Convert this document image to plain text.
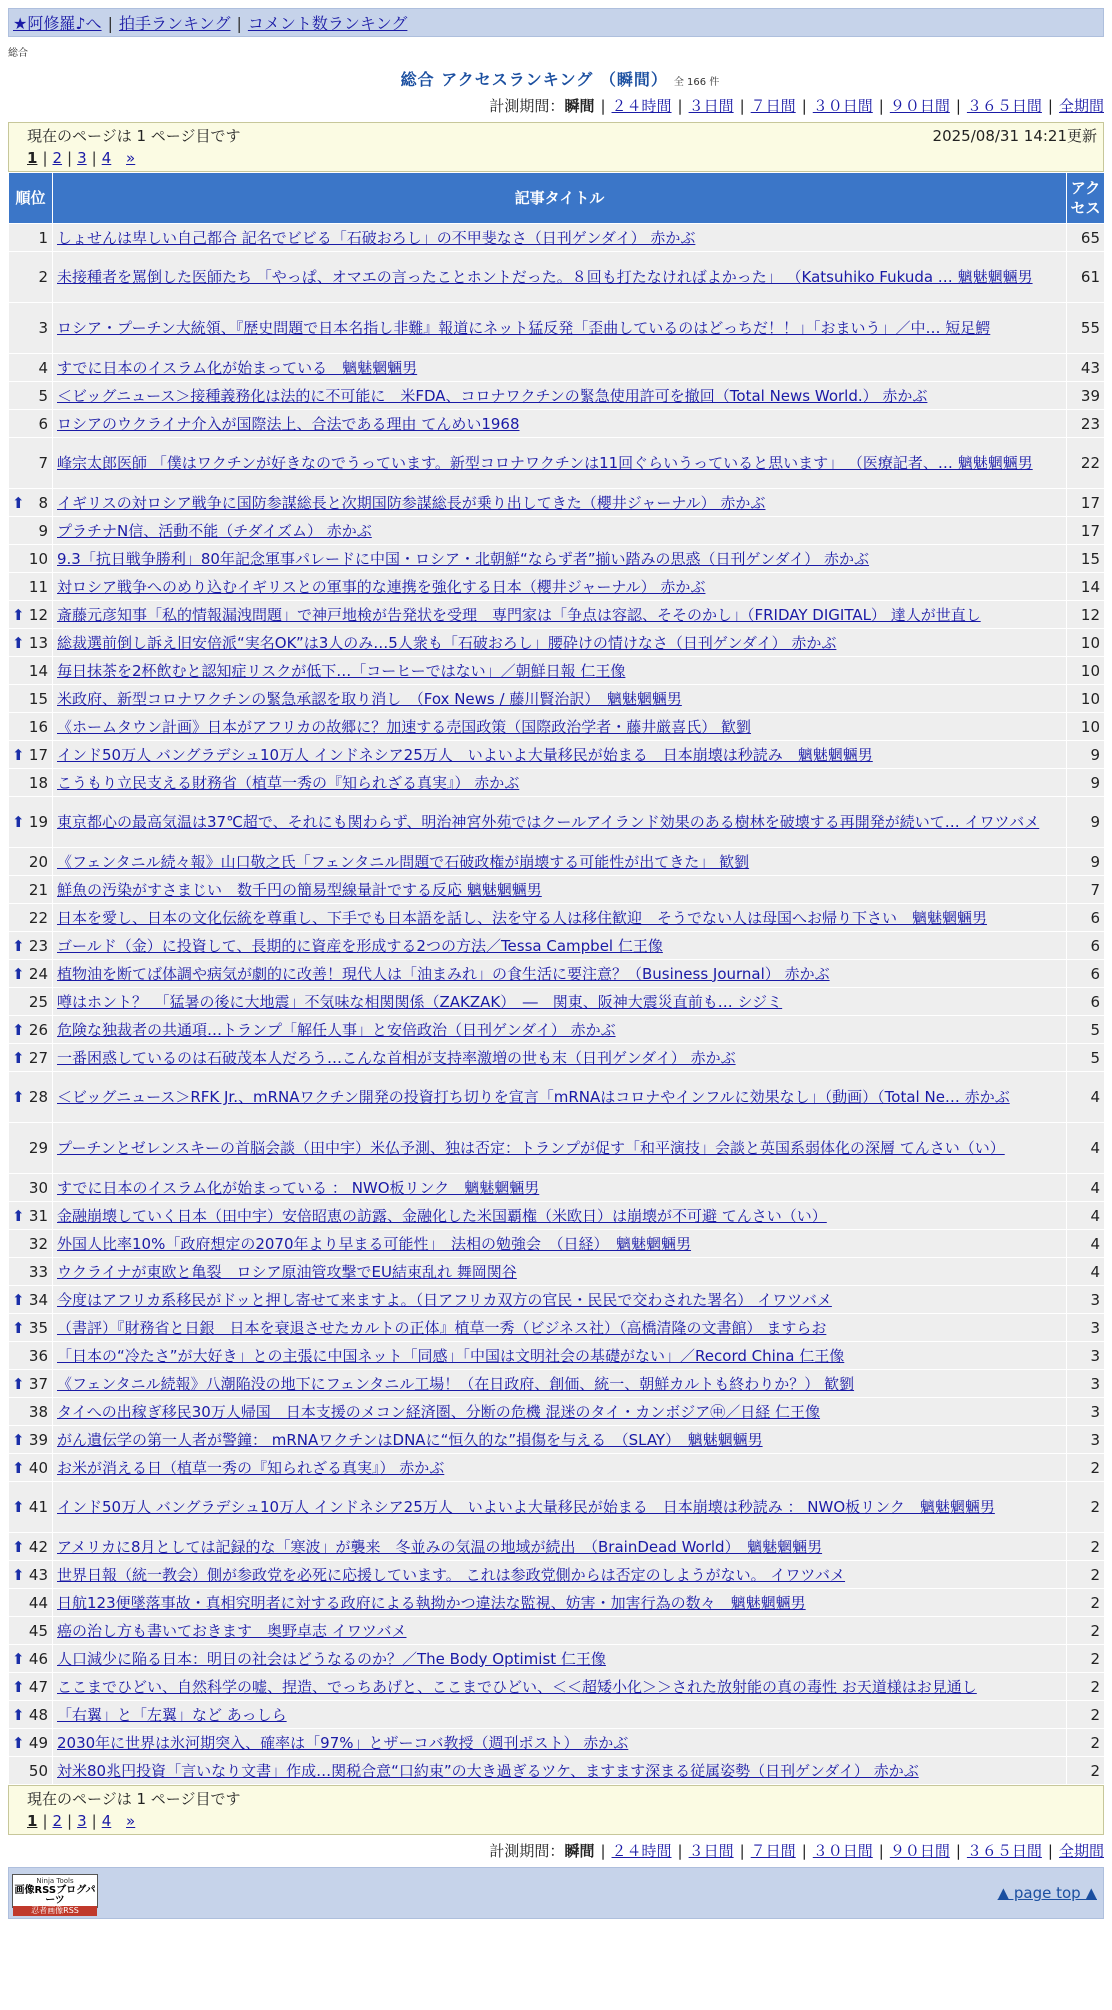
★阿修羅♪へ | 拍手ランキング | コメント数ランキング
総合
総合 アクセスランキング （瞬間） 全 166 件
計測期間：瞬間 | ２４時間 | ３日間 | ７日間 | ３０日間 | ９０日間 | ３６５日間 | 全期間
現在のページは 1 ページ目です	2025/08/31 14:21更新
1 | 2 | 3 | 4 »
順位	記事タイトル	アクセス
1	しょせんは卑しい自己都合 記名でビビる「石破おろし」の不甲斐なさ（日刊ゲンダイ） 赤かぶ	65
2	未接種者を罵倒した医師たち 「やっぱ、オマエの言ったことホントだった。８回も打たなければよかった」 （Katsuhiko Fukuda … 魑魅魍魎男	61
3	ロシア・プーチン大統領、『歴史問題で日本名指し非難』報道にネット猛反発「歪曲しているのはどっちだ！！」「おまいう」／中… 短足鰐	55
4	すでに日本のイスラム化が始まっている　魑魅魍魎男	43
5	＜ビッグニュース＞接種義務化は法的に不可能に　米FDA、コロナワクチンの緊急使用許可を撤回（Total News World.） 赤かぶ	39
6	ロシアのウクライナ介入が国際法上、合法である理由 てんめい1968	23
7	峰宗太郎医師 「僕はワクチンが好きなのでうっています。新型コロナワクチンは11回ぐらいうっていると思います」 （医療記者、… 魑魅魍魎男	22

⬆ 8	イギリスの対ロシア戦争に国防参謀総長と次期国防参謀総長が乗り出してきた（櫻井ジャーナル） 赤かぶ	17
9	プラチナN信、活動不能（チダイズム） 赤かぶ	17
10	9.3「抗日戦争勝利」80年記念軍事パレードに中国・ロシア・北朝鮮“ならず者”揃い踏みの思惑（日刊ゲンダイ） 赤かぶ	15
11	対ロシア戦争へのめり込むイギリスとの軍事的な連携を強化する日本（櫻井ジャーナル） 赤かぶ	14

⬆ 12	斎藤元彦知事「私的情報漏洩問題」で神戸地検が告発状を受理　専門家は「争点は容認、そそのかし」（FRIDAY DIGITAL） 達人が世直し	12

⬆ 13	総裁選前倒し訴え旧安倍派“実名OK”は3人のみ…5人衆も「石破おろし」腰砕けの情けなさ（日刊ゲンダイ） 赤かぶ	10
14	毎日抹茶を2杯飲むと認知症リスクが低下…「コーヒーではない」／朝鮮日報 仁王像	10
15	米政府、新型コロナワクチンの緊急承認を取り消し　（Fox News / 藤川賢治訳）　魑魅魍魎男	10
16	《ホームタウン計画》日本がアフリカの故郷に？加速する売国政策（国際政治学者・藤井厳喜氏） 歓劉	10

⬆ 17	インド50万人 バングラデシュ10万人 インドネシア25万人　いよいよ大量移民が始まる　日本崩壊は秒読み　魑魅魍魎男	9
18	こうもり立民支える財務省（植草一秀の『知られざる真実』） 赤かぶ	9

⬆ 19	東京都心の最高気温は37℃超で、それにも関わらず、明治神宮外苑ではクールアイランド効果のある樹林を破壊する再開発が続いて… イワツバメ	9
20	《フェンタニル続々報》山口敬之氏「フェンタニル問題で石破政権が崩壊する可能性が出てきた」 歓劉	9
21	鮮魚の汚染がすさまじい　数千円の簡易型線量計でする反応 魑魅魍魎男	7
22	日本を愛し、日本の文化伝統を尊重し、下手でも日本語を話し、法を守る人は移住歓迎　そうでない人は母国へお帰り下さい　魑魅魍魎男	6

⬆ 23	ゴールド（金）に投資して、長期的に資産を形成する2つの方法／Tessa Campbel 仁王像	6

⬆ 24	植物油を断てば体調や病気が劇的に改善！現代人は「油まみれ」の食生活に要注意？（Business Journal） 赤かぶ	6
25	噂はホント？　「猛暑の後に大地震」不気味な相関関係（ZAKZAK）　―　関東、阪神大震災直前も… シジミ	6

⬆ 26	危険な独裁者の共通項…トランプ「解任人事」と安倍政治（日刊ゲンダイ） 赤かぶ	5

⬆ 27	一番困惑しているのは石破茂本人だろう…こんな首相が支持率激増の世も末（日刊ゲンダイ） 赤かぶ	5

⬆ 28	＜ビッグニュース＞RFK Jr.、mRNAワクチン開発の投資打ち切りを宣言「mRNAはコロナやインフルに効果なし」（動画）（Total Ne… 赤かぶ	4
29	プーチンとゼレンスキーの首脳会談（田中宇）米仏予測、独は否定：トランプが促す「和平演技」会談と英国系弱体化の深層 てんさい（い）	4
30	すでに日本のイスラム化が始まっている ： NWO板リンク　魑魅魍魎男	4

⬆ 31	金融崩壊していく日本（田中宇）安倍昭恵の訪露、金融化した米国覇権（米欧日）は崩壊が不可避 てんさい（い）	4
32	外国人比率10%「政府想定の2070年より早まる可能性」　法相の勉強会　（日経）　魑魅魍魎男	4
33	ウクライナが東欧と亀裂　ロシア原油管攻撃でEU結束乱れ 舞岡関谷	4

⬆ 34	今度はアフリカ系移民がドッと押し寄せて来ますよ。（日アフリカ双方の官民・民民で交わされた署名） イワツバメ	3

⬆ 35	（書評）『財務省と日銀　日本を衰退させたカルトの正体』植草一秀（ビジネス社）（高橋清隆の文書館） ますらお	3
36	「日本の“冷たさ”が大好き」との主張に中国ネット「同感」「中国は文明社会の基礎がない」／Record China 仁王像	3

⬆ 37	《フェンタニル続報》八潮陥没の地下にフェンタニル工場！（在日政府、創価、統一、朝鮮カルトも終わりか？） 歓劉	3
38	タイへの出稼ぎ移民30万人帰国　日本支援のメコン経済圏、分断の危機 混迷のタイ・カンボジア㊥／日経 仁王像	3

⬆ 39	がん遺伝学の第一人者が警鐘： mRNAワクチンはDNAに“恒久的な”損傷を与える　（SLAY）　魑魅魍魎男	3

⬆ 40	お米が消える日（植草一秀の『知られざる真実』） 赤かぶ	2

⬆ 41	インド50万人 バングラデシュ10万人 インドネシア25万人　いよいよ大量移民が始まる　日本崩壊は秒読み ： NWO板リンク　魑魅魍魎男	2

⬆ 42	アメリカに8月としては記録的な「寒波」が襲来　冬並みの気温の地域が続出　（BrainDead World）　魑魅魍魎男	2

⬆ 43	世界日報（統一教会）側が参政党を必死に応援しています。 これは参政党側からは否定のしようがない。 イワツバメ	2
44	日航123便墜落事故・真相究明者に対する政府による執拗かつ違法な監視、妨害・加害行為の数々　魑魅魍魎男	2
45	癌の治し方も書いておきます　奥野卓志 イワツバメ	2

⬆ 46	人口減少に陥る日本：明日の社会はどうなるのか？／The Body Optimist 仁王像	2

⬆ 47	ここまでひどい、自然科学の嘘、捏造、でっちあげと、ここまでひどい、＜＜超矮小化＞＞された放射能の真の毒性 お天道様はお見通し	2

⬆ 48	「右翼」と「左翼」など あっしら	2

⬆ 49	2030年に世界は氷河期突入、確率は「97%」とザーコバ教授（週刊ポスト） 赤かぶ	2
50	対米80兆円投資「言いなり文書」作成…関税合意“口約束”の大き過ぎるツケ、ますます深まる従属姿勢（日刊ゲンダイ） 赤かぶ	2
現在のページは 1 ページ目です
1 | 2 | 3 | 4 »
計測期間：瞬間 | ２４時間 | ３日間 | ７日間 | ３０日間 | ９０日間 | ３６５日間 | 全期間
Ninja Tools
画像RSSブログパーツ
忍者画像RSS
▲ page top ▲
